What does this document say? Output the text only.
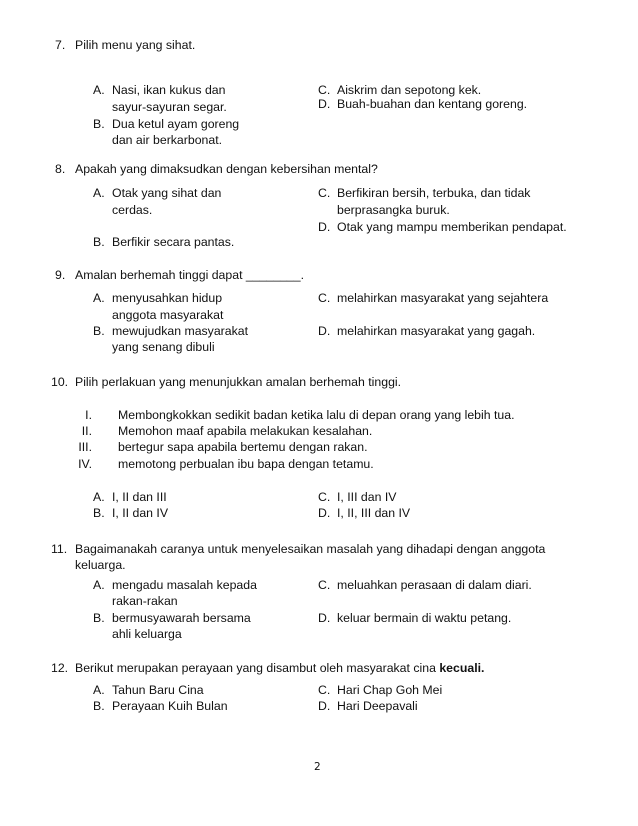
7. Pilih menu yang sihat.
A. Nasi, ikan kukus dan
sayur-sayuran segar.
B. Dua ketul ayam goreng
dan air berkarbonat.
C. Aiskrim dan sepotong kek.
D. Buah-buahan dan kentang goreng.
8. Apakah yang dimaksudkan dengan kebersihan mental?
A. Otak yang sihat dan
cerdas.
B. Berfikir secara pantas.
C. Berfikiran bersih, terbuka, dan tidak
berprasangka buruk.
D. Otak yang mampu memberikan pendapat.
9. Amalan berhemah tinggi dapat ________.
A. menyusahkan hidup
anggota masyarakat
B. mewujudkan masyarakat
yang senang dibuli
C. melahirkan masyarakat yang sejahtera
D. melahirkan masyarakat yang gagah.
10. Pilih perlakuan yang menunjukkan amalan berhemah tinggi.
I. Membongkokkan sedikit badan ketika lalu di depan orang yang lebih tua.
II. Memohon maaf apabila melakukan kesalahan.
III. bertegur sapa apabila bertemu dengan rakan.
IV. memotong perbualan ibu bapa dengan tetamu.
A. I, II dan III
B. I, II dan IV
C. I, III dan IV
D. I, II, III dan IV
11. Bagaimanakah caranya untuk menyelesaikan masalah yang dihadapi dengan anggota
keluarga.
A. mengadu masalah kepada
rakan-rakan
B. bermusyawarah bersama
ahli keluarga
C. meluahkan perasaan di dalam diari.
D. keluar bermain di waktu petang.
12. Berikut merupakan perayaan yang disambut oleh masyarakat cina kecuali.
A. Tahun Baru Cina
B. Perayaan Kuih Bulan
C. Hari Chap Goh Mei
D. Hari Deepavali
2
